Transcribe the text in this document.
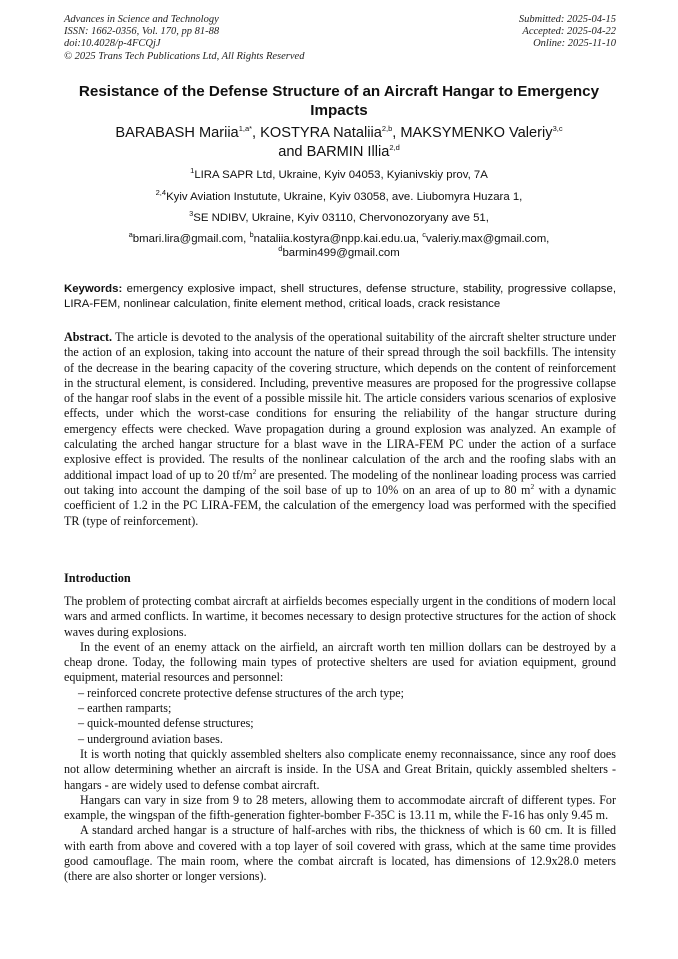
Advances in Science and Technology
ISSN: 1662-0356, Vol. 170, pp 81-88
doi:10.4028/p-4FCQjJ
© 2025 Trans Tech Publications Ltd, All Rights Reserved
Submitted: 2025-04-15
Accepted: 2025-04-22
Online: 2025-11-10
Resistance of the Defense Structure of an Aircraft Hangar to Emergency Impacts
BARABASH Mariia$^{1,a*}$, KOSTYRA Nataliia$^{2,b}$, MAKSYMENKO Valeriy$^{3,c}$
and BARMIN Illia$^{2,d}$
$^1$LIRA SAPR Ltd, Ukraine, Kyiv 04053, Kyianivskiy prov, 7A
$^{2,4}$Kyiv Aviation Instutute, Ukraine, Kyiv 03058, ave. Liubomyra Huzara 1,
$^3$SE NDIBV, Ukraine, Kyiv 03110, Chervonozoryany ave 51,
$^a$bmari.lira@gmail.com, $^b$nataliia.kostyra@npp.kai.edu.ua, $^c$valeriy.max@gmail.com,
$^d$barmin499@gmail.com
Keywords: emergency explosive impact, shell structures, defense structure, stability, progressive collapse, LIRA-FEM, nonlinear calculation, finite element method, critical loads, crack resistance
Abstract. The article is devoted to the analysis of the operational suitability of the aircraft shelter structure under the action of an explosion, taking into account the nature of their spread through the soil backfills. The intensity of the decrease in the bearing capacity of the covering structure, which depends on the content of reinforcement in the structural element, is considered. Including, preventive measures are proposed for the progressive collapse of the hangar roof slabs in the event of a possible missile hit. The article considers various scenarios of explosive effects, under which the worst-case conditions for ensuring the reliability of the hangar structure during emergency effects were checked. Wave propagation during a ground explosion was analyzed. An example of calculating the arched hangar structure for a blast wave in the LIRA-FEM PC under the action of a surface explosive effect is provided. The results of the nonlinear calculation of the arch and the roofing slabs with an additional impact load of up to 20 $tf/m^2$ are presented. The modeling of the nonlinear loading process was carried out taking into account the damping of the soil base of up to 10% on an area of up to 80 $m^2$ with a dynamic coefficient of 1.2 in the PC LIRA-FEM, the calculation of the emergency load was performed with the specified TR (type of reinforcement).
Introduction

The problem of protecting combat aircraft at airfields becomes especially urgent in the conditions of modern local wars and armed conflicts. In wartime, it becomes necessary to design protective structures for the action of shock waves during explosions.

In the event of an enemy attack on the airfield, an aircraft worth ten million dollars can be destroyed by a cheap drone. Today, the following main types of protective shelters are used for aviation equipment, ground equipment, material resources and personnel:

– reinforced concrete protective defense structures of the arch type;

– earthen ramparts;

– quick-mounted defense structures;

– underground aviation bases.

It is worth noting that quickly assembled shelters also complicate enemy reconnaissance, since any roof does not allow determining whether an aircraft is inside. In the USA and Great Britain, quickly assembled shelters - hangars - are widely used to defense combat aircraft.

Hangars can vary in size from 9 to 28 meters, allowing them to accommodate aircraft of different types. For example, the wingspan of the fifth-generation fighter-bomber F-35C is 13.11 m, while the F-16 has only 9.45 m.

A standard arched hangar is a structure of half-arches with ribs, the thickness of which is 60 cm. It is filled with earth from above and covered with a top layer of soil covered with grass, which at the same time provides good camouflage. The main room, where the combat aircraft is located, has dimensions of 12.9x28.0 meters (there are also shorter or longer versions).
